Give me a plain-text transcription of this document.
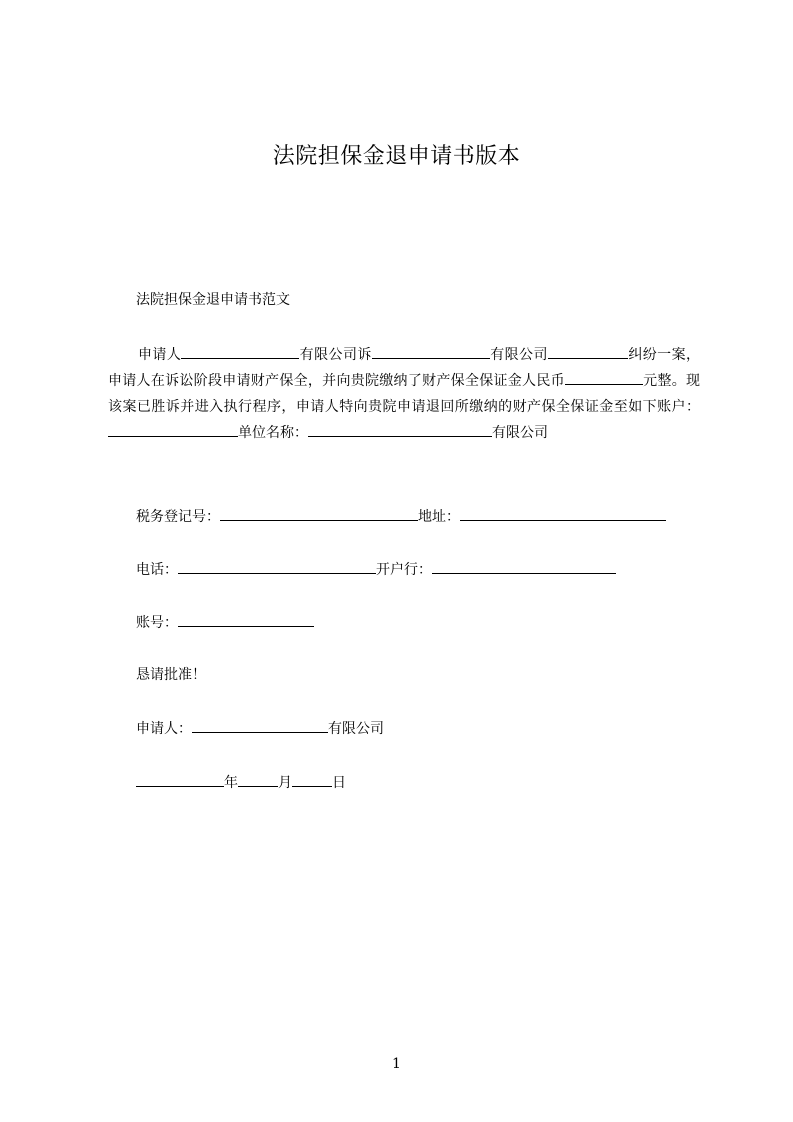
法院担保金退申请书版本
法院担保金退申请书范文
申请人	有限公司诉	有限公司	纠纷一案，申请人在诉讼阶段申请财产保全，并向贵院缴纳了财产保全保证金人民币	元整。现该案已胜诉并进入执行程序，申请人特向贵院申请退回所缴纳的财产保全保证金至如下账户：单位名称：	有限公司
税务登记号：	地址：
电话：	开户行：
账号：
恳请批准！
申请人：	有限公司
年	月	日
1
